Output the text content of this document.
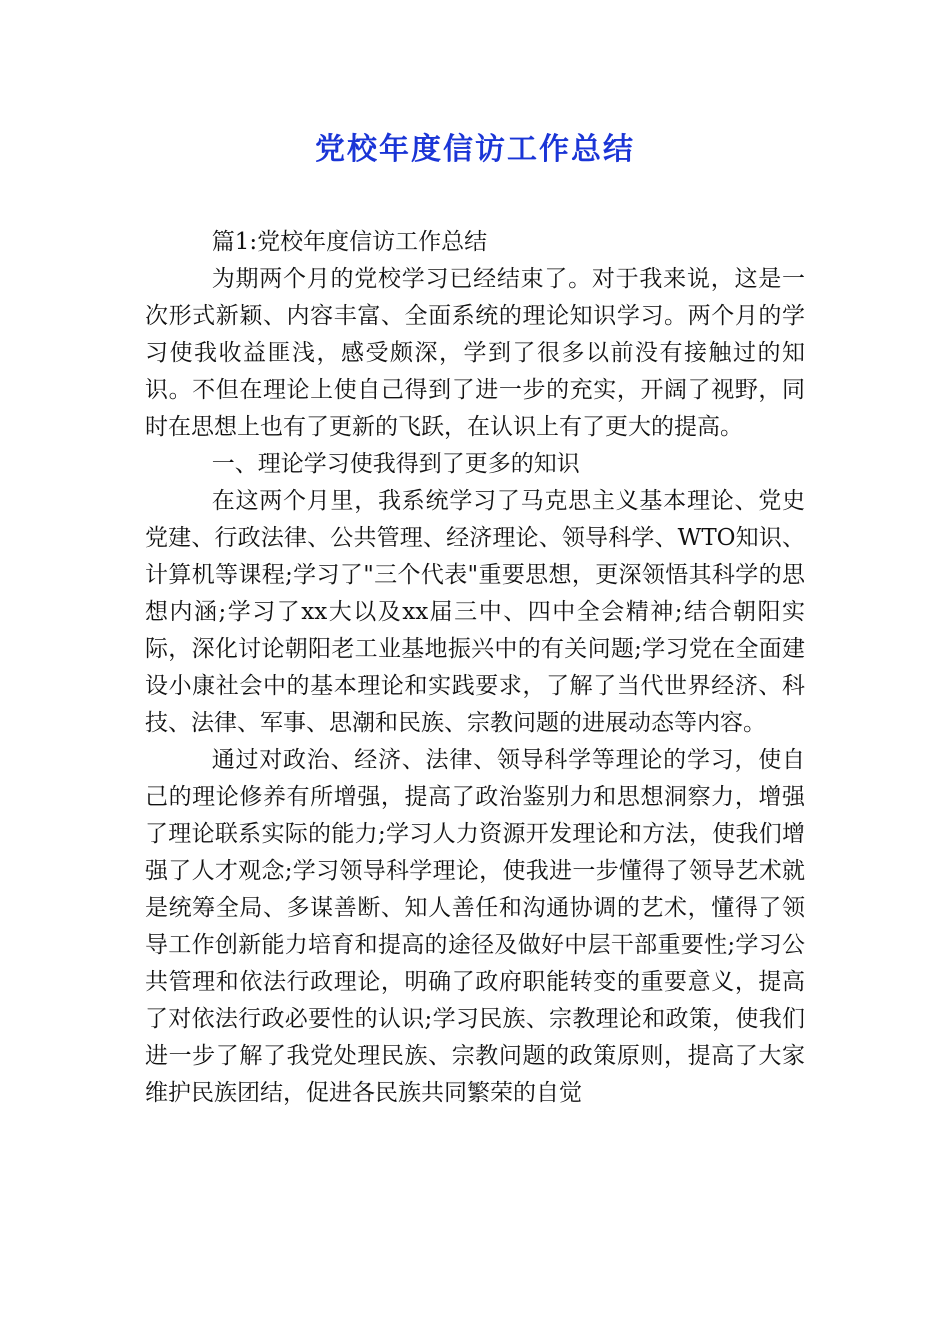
党校年度信访工作总结

篇1:党校年度信访工作总结

为期两个月的党校学习已经结束了。对于我来说，这是一次形式新颖、内容丰富、全面系统的理论知识学习。两个月的学习使我收益匪浅，感受颇深，学到了很多以前没有接触过的知识。不但在理论上使自己得到了进一步的充实，开阔了视野，同时在思想上也有了更新的飞跃，在认识上有了更大的提高。

一、理论学习使我得到了更多的知识

在这两个月里，我系统学习了马克思主义基本理论、党史党建、行政法律、公共管理、经济理论、领导科学、WTO知识、计算机等课程;学习了"三个代表"重要思想，更深领悟其科学的思想内涵;学习了xx大以及xx届三中、四中全会精神;结合朝阳实际，深化讨论朝阳老工业基地振兴中的有关问题;学习党在全面建设小康社会中的基本理论和实践要求，了解了当代世界经济、科技、法律、军事、思潮和民族、宗教问题的进展动态等内容。

通过对政治、经济、法律、领导科学等理论的学习，使自己的理论修养有所增强，提高了政治鉴别力和思想洞察力，增强了理论联系实际的能力;学习人力资源开发理论和方法，使我们增强了人才观念;学习领导科学理论，使我进一步懂得了领导艺术就是统筹全局、多谋善断、知人善任和沟通协调的艺术，懂得了领导工作创新能力培育和提高的途径及做好中层干部重要性;学习公共管理和依法行政理论，明确了政府职能转变的重要意义，提高了对依法行政必要性的认识;学习民族、宗教理论和政策，使我们进一步了解了我党处理民族、宗教问题的政策原则，提高了大家维护民族团结，促进各民族共同繁荣的自觉
